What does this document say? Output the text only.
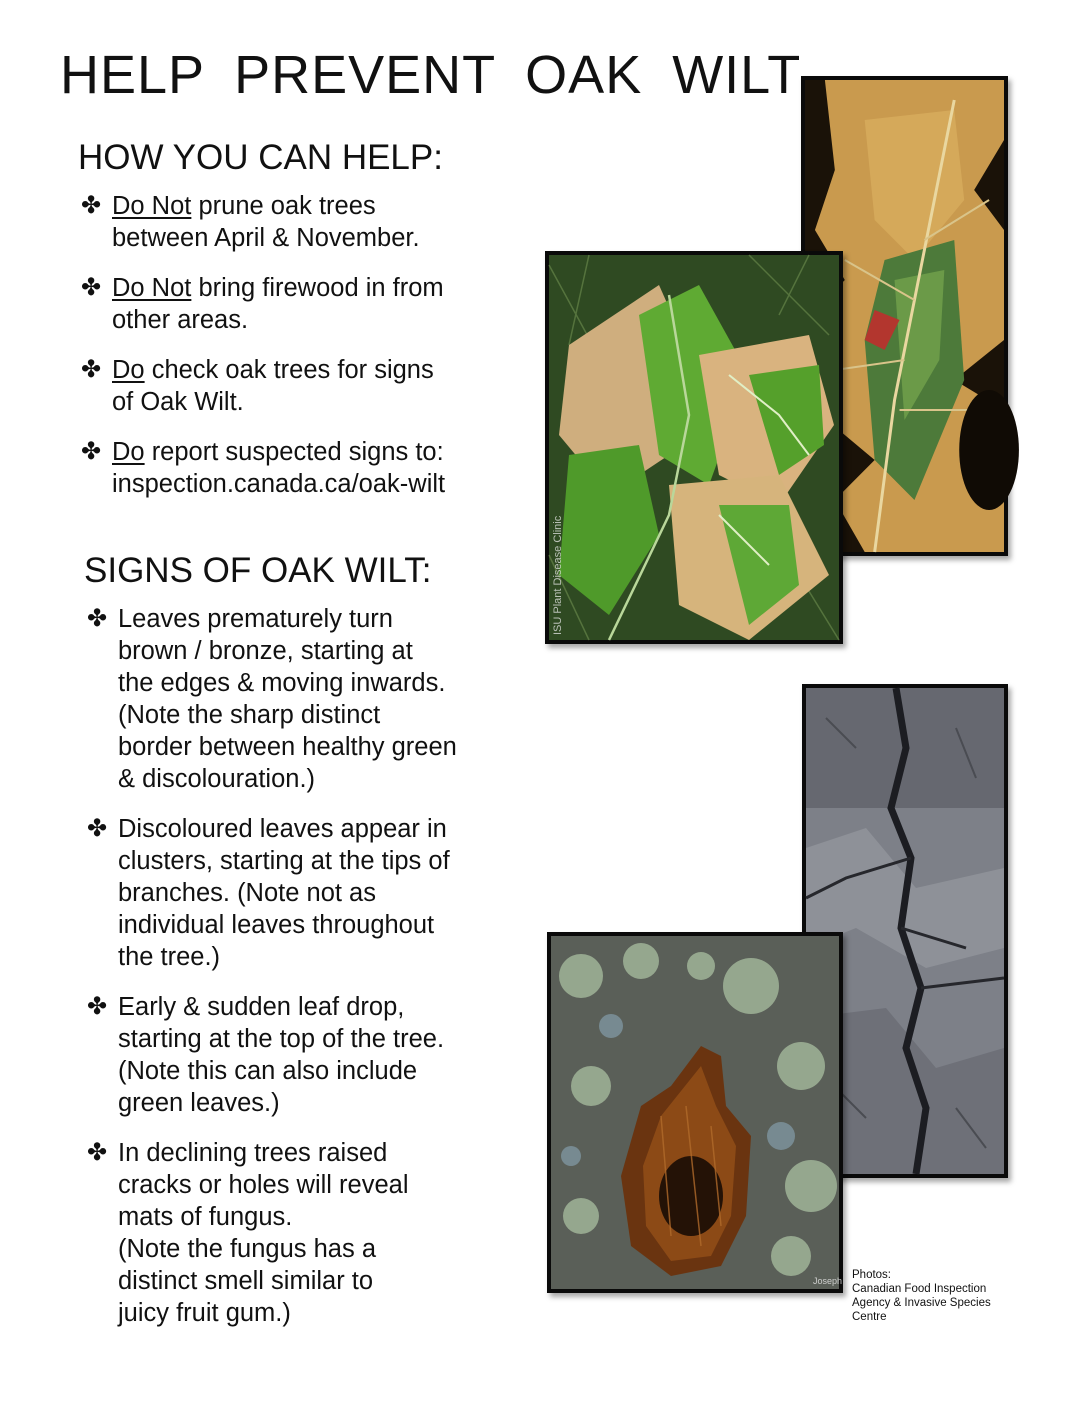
HELP PREVENT OAK WILT
HOW YOU CAN HELP:
✤ Do Not prune oak trees
between April & November.
✤ Do Not bring firewood in from
other areas.
✤ Do check oak trees for signs
of Oak Wilt.
✤ Do report suspected signs to:
inspection.canada.ca/oak-wilt
SIGNS OF OAK WILT:
✤ Leaves prematurely turn
brown / bronze, starting at
the edges & moving inwards.
(Note the sharp distinct
border between healthy green
& discolouration.)
✤ Discoloured leaves appear in
clusters, starting at the tips of
branches. (Note not as
individual leaves throughout
the tree.)
✤ Early & sudden leaf drop,
starting at the top of the tree.
(Note this can also include
green leaves.)
✤ In declining trees raised
cracks or holes will reveal
mats of fungus.
(Note the fungus has a
distinct smell similar to
juicy fruit gum.)
ISU Plant Disease Clinic
Joseph Photos:
Canadian Food Inspection
Agency & Invasive Species
Centre
